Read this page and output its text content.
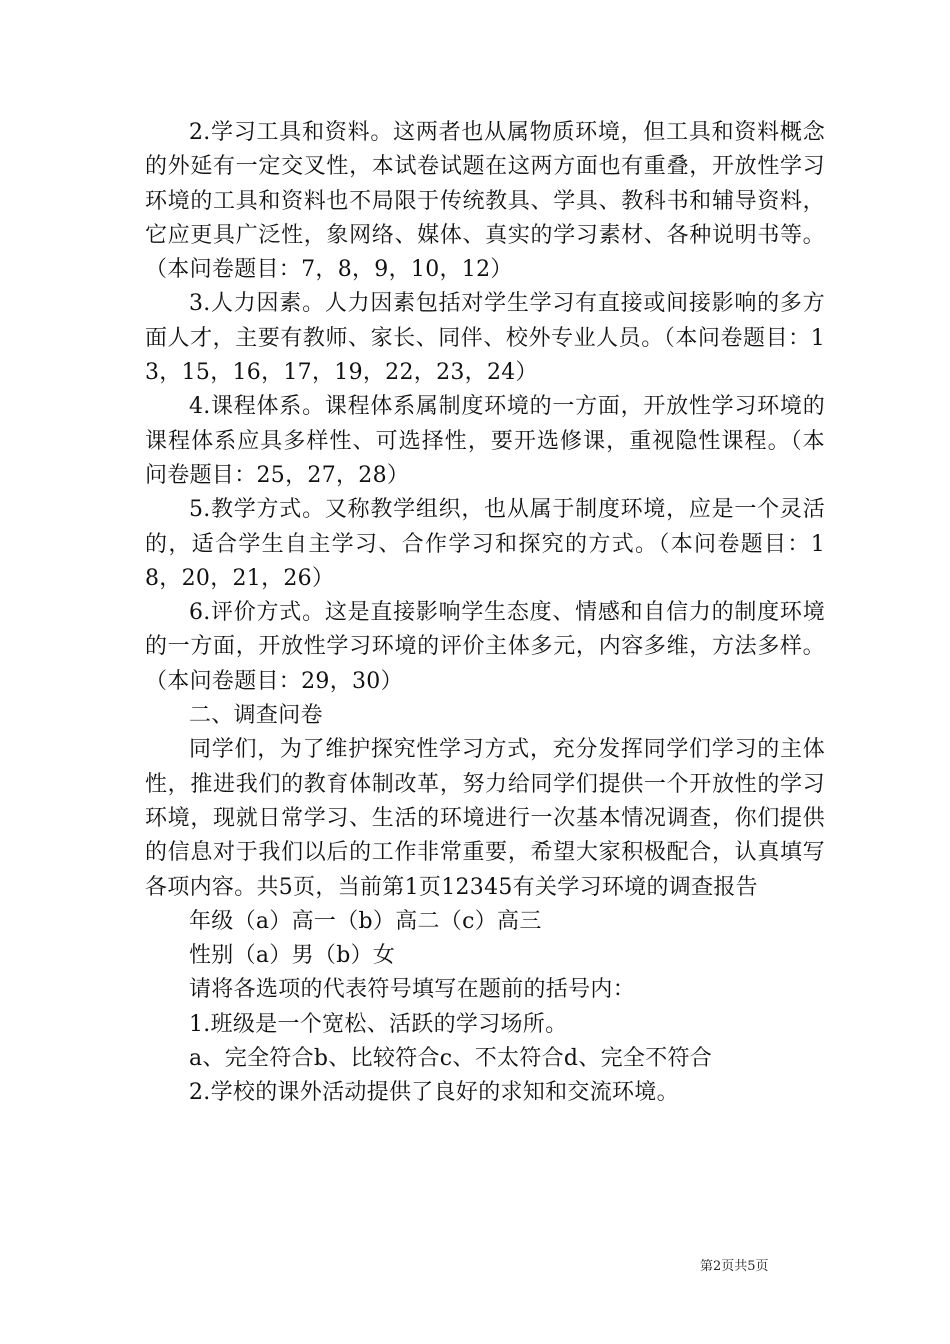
2.学习工具和资料。这两者也从属物质环境，但工具和资料概念的外延有一定交叉性，本试卷试题在这两方面也有重叠，开放性学习环境的工具和资料也不局限于传统教具、学具、教科书和辅导资料，它应更具广泛性，象网络、媒体、真实的学习素材、各种说明书等。（本问卷题目：7，8，9，10，12）

3.人力因素。人力因素包括对学生学习有直接或间接影响的多方面人才，主要有教师、家长、同伴、校外专业人员。（本问卷题目：13，15，16，17，19，22，23，24）

4.课程体系。课程体系属制度环境的一方面，开放性学习环境的课程体系应具多样性、可选择性，要开选修课，重视隐性课程。（本问卷题目：25，27，28）

5.教学方式。又称教学组织，也从属于制度环境，应是一个灵活的，适合学生自主学习、合作学习和探究的方式。（本问卷题目：18，20，21，26）

6.评价方式。这是直接影响学生态度、情感和自信力的制度环境的一方面，开放性学习环境的评价主体多元，内容多维，方法多样。（本问卷题目：29，30）

二、调查问卷

同学们，为了维护探究性学习方式，充分发挥同学们学习的主体性，推进我们的教育体制改革，努力给同学们提供一个开放性的学习环境，现就日常学习、生活的环境进行一次基本情况调查，你们提供的信息对于我们以后的工作非常重要，希望大家积极配合，认真填写各项内容。共5页，当前第1页12345有关学习环境的调查报告

年级（a）高一（b）高二（c）高三

性别（a）男（b）女

请将各选项的代表符号填写在题前的括号内：

1.班级是一个宽松、活跃的学习场所。

a、完全符合b、比较符合c、不太符合d、完全不符合

2.学校的课外活动提供了良好的求知和交流环境。

第2页共5页
